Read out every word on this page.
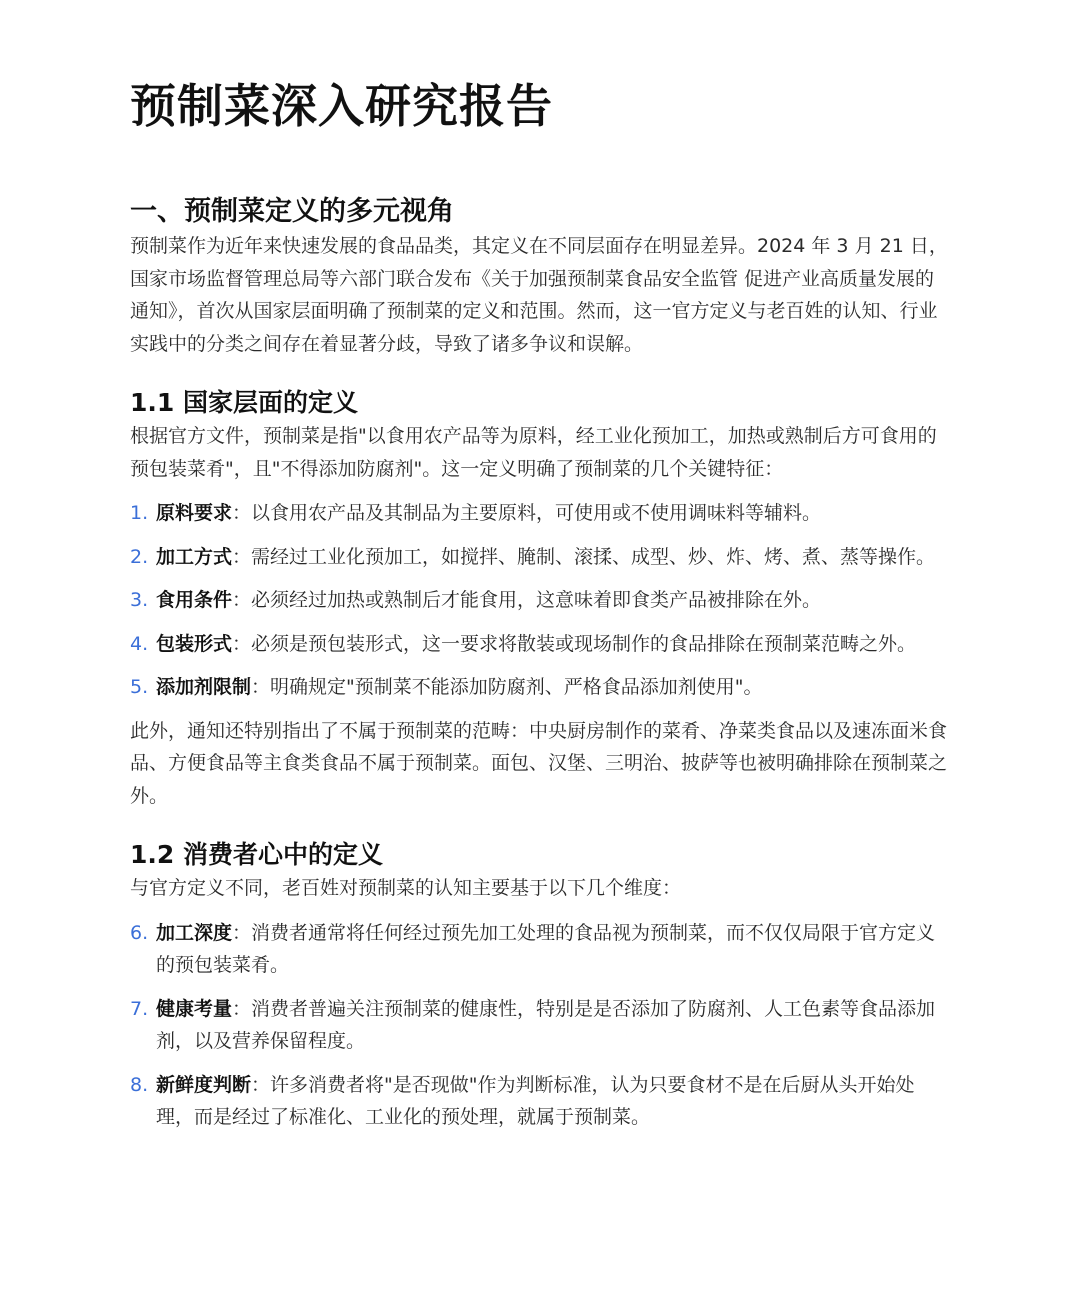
预制菜深入研究报告
一、预制菜定义的多元视角

预制菜作为近年来快速发展的食品品类，其定义在不同层面存在明显差异。2024 年 3 月 21 日，国家市场监督管理总局等六部门联合发布《关于加强预制菜食品安全监管 促进产业高质量发展的通知》，首次从国家层面明确了预制菜的定义和范围。然而，这一官方定义与老百姓的认知、行业实践中的分类之间存在着显著分歧，导致了诸多争议和误解。

1.1 国家层面的定义

根据官方文件，预制菜是指"以食用农产品等为原料，经工业化预加工，加热或熟制后方可食用的预包装菜肴"，且"不得添加防腐剂"。这一定义明确了预制菜的几个关键特征：

1. 原料要求：以食用农产品及其制品为主要原料，可使用或不使用调味料等辅料。
2. 加工方式：需经过工业化预加工，如搅拌、腌制、滚揉、成型、炒、炸、烤、煮、蒸等操作。
3. 食用条件：必须经过加热或熟制后才能食用，这意味着即食类产品被排除在外。
4. 包装形式：必须是预包装形式，这一要求将散装或现场制作的食品排除在预制菜范畴之外。
5. 添加剂限制：明确规定"预制菜不能添加防腐剂、严格食品添加剂使用"。

此外，通知还特别指出了不属于预制菜的范畴：中央厨房制作的菜肴、净菜类食品以及速冻面米食品、方便食品等主食类食品不属于预制菜。面包、汉堡、三明治、披萨等也被明确排除在预制菜之外。

1.2 消费者心中的定义

与官方定义不同，老百姓对预制菜的认知主要基于以下几个维度：

6. 加工深度：消费者通常将任何经过预先加工处理的食品视为预制菜，而不仅仅局限于官方定义的预包装菜肴。
7. 健康考量：消费者普遍关注预制菜的健康性，特别是是否添加了防腐剂、人工色素等食品添加剂，以及营养保留程度。
8. 新鲜度判断：许多消费者将"是否现做"作为判断标准，认为只要食材不是在后厨从头开始处理，而是经过了标准化、工业化的预处理，就属于预制菜。
